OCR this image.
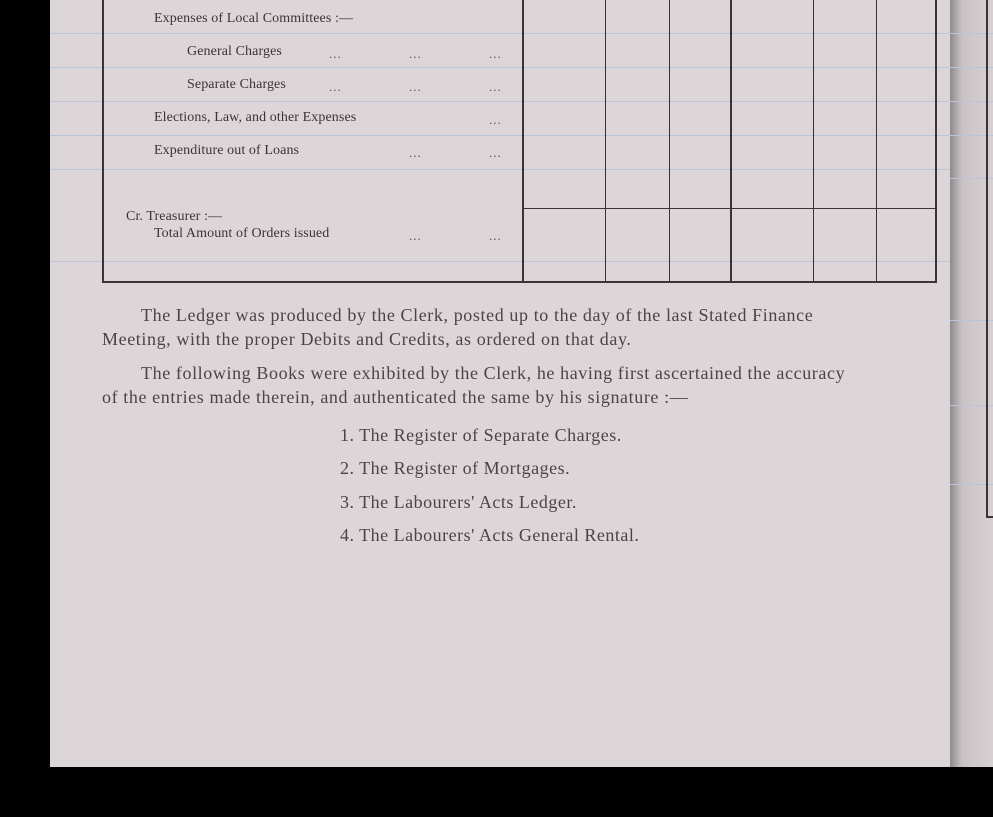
Expenses of Local Committees :—
General Charges	...	...	...
Separate Charges	...	...	...
Elections, Law, and other Expenses	...
Expenditure out of Loans	...	...
Cr. Treasurer :—
Total Amount of Orders issued	...	...
The Ledger was produced by the Clerk, posted up to the day of the last Stated Finance
Meeting, with the proper Debits and Credits, as ordered on that day.
The following Books were exhibited by the Clerk, he having first ascertained the accuracy
of the entries made therein, and authenticated the same by his signature :—
1. The Register of Separate Charges.
2. The Register of Mortgages.
3. The Labourers' Acts Ledger.
4. The Labourers' Acts General Rental.
